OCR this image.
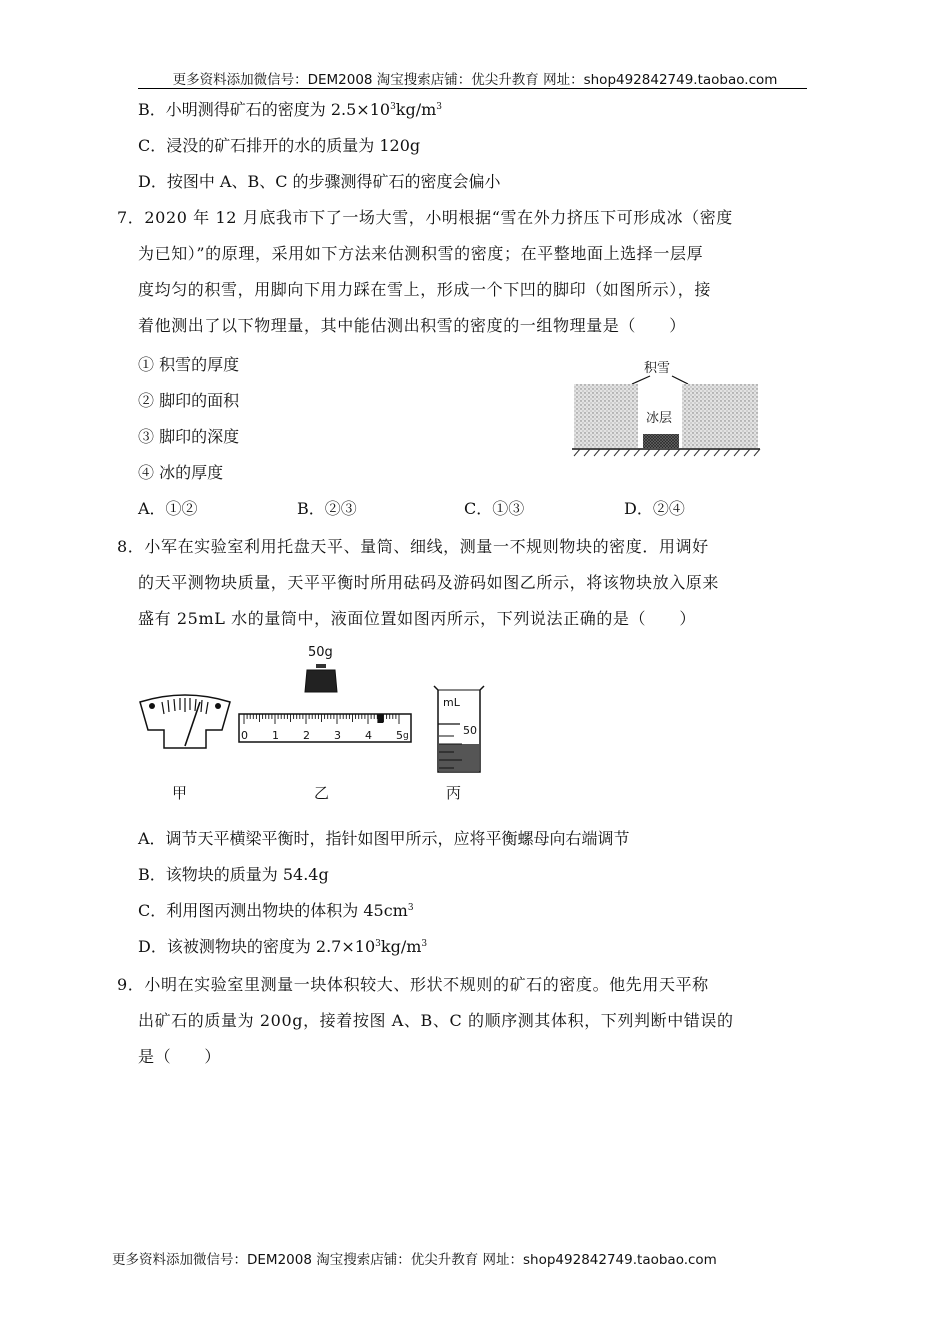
更多资料添加微信号：DEM2008 淘宝搜索店铺：优尖升教育 网址：shop492842749.taobao.com
B．小明测得矿石的密度为 $2.5\times 10^3kg/m^3$
C．浸没的矿石排开的水的质量为 120g
D．按图中 A、B、C 的步骤测得矿石的密度会偏小
7．2020 年 12 月底我市下了一场大雪，小明根据“雪在外力挤压下可形成冰（密度
为已知）”的原理，采用如下方法来估测积雪的密度；在平整地面上选择一层厚
度均匀的积雪，用脚向下用力踩在雪上，形成一个下凹的脚印（如图所示），接
着他测出了以下物理量，其中能估测出积雪的密度的一组物理量是（　　）
① 积雪的厚度
② 脚印的面积
③ 脚印的深度
④ 冰的厚度
A．①②	B．②③	C．①③	D．②④
积雪
冰层
8．小军在实验室利用托盘天平、量筒、细线，测量一不规则物块的密度．用调好
的天平测物块质量，天平平衡时所用砝码及游码如图乙所示，将该物块放入原来
盛有 25mL 水的量筒中，液面位置如图丙所示，下列说法正确的是（　　）
甲
50g
0 1 2 3 4 5 g
乙
mL
50
丙
A．调节天平横梁平衡时，指针如图甲所示，应将平衡螺母向右端调节
B．该物块的质量为 54.4g
C．利用图丙测出物块的体积为 $45cm^3$
D．该被测物块的密度为 $2.7\times 10^3kg/m^3$
9．小明在实验室里测量一块体积较大、形状不规则的矿石的密度。他先用天平称
出矿石的质量为 200g，接着按图 A、B、C 的顺序测其体积，下列判断中错误的
是（　　）
更多资料添加微信号：DEM2008 淘宝搜索店铺：优尖升教育 网址：shop492842749.taobao.com
